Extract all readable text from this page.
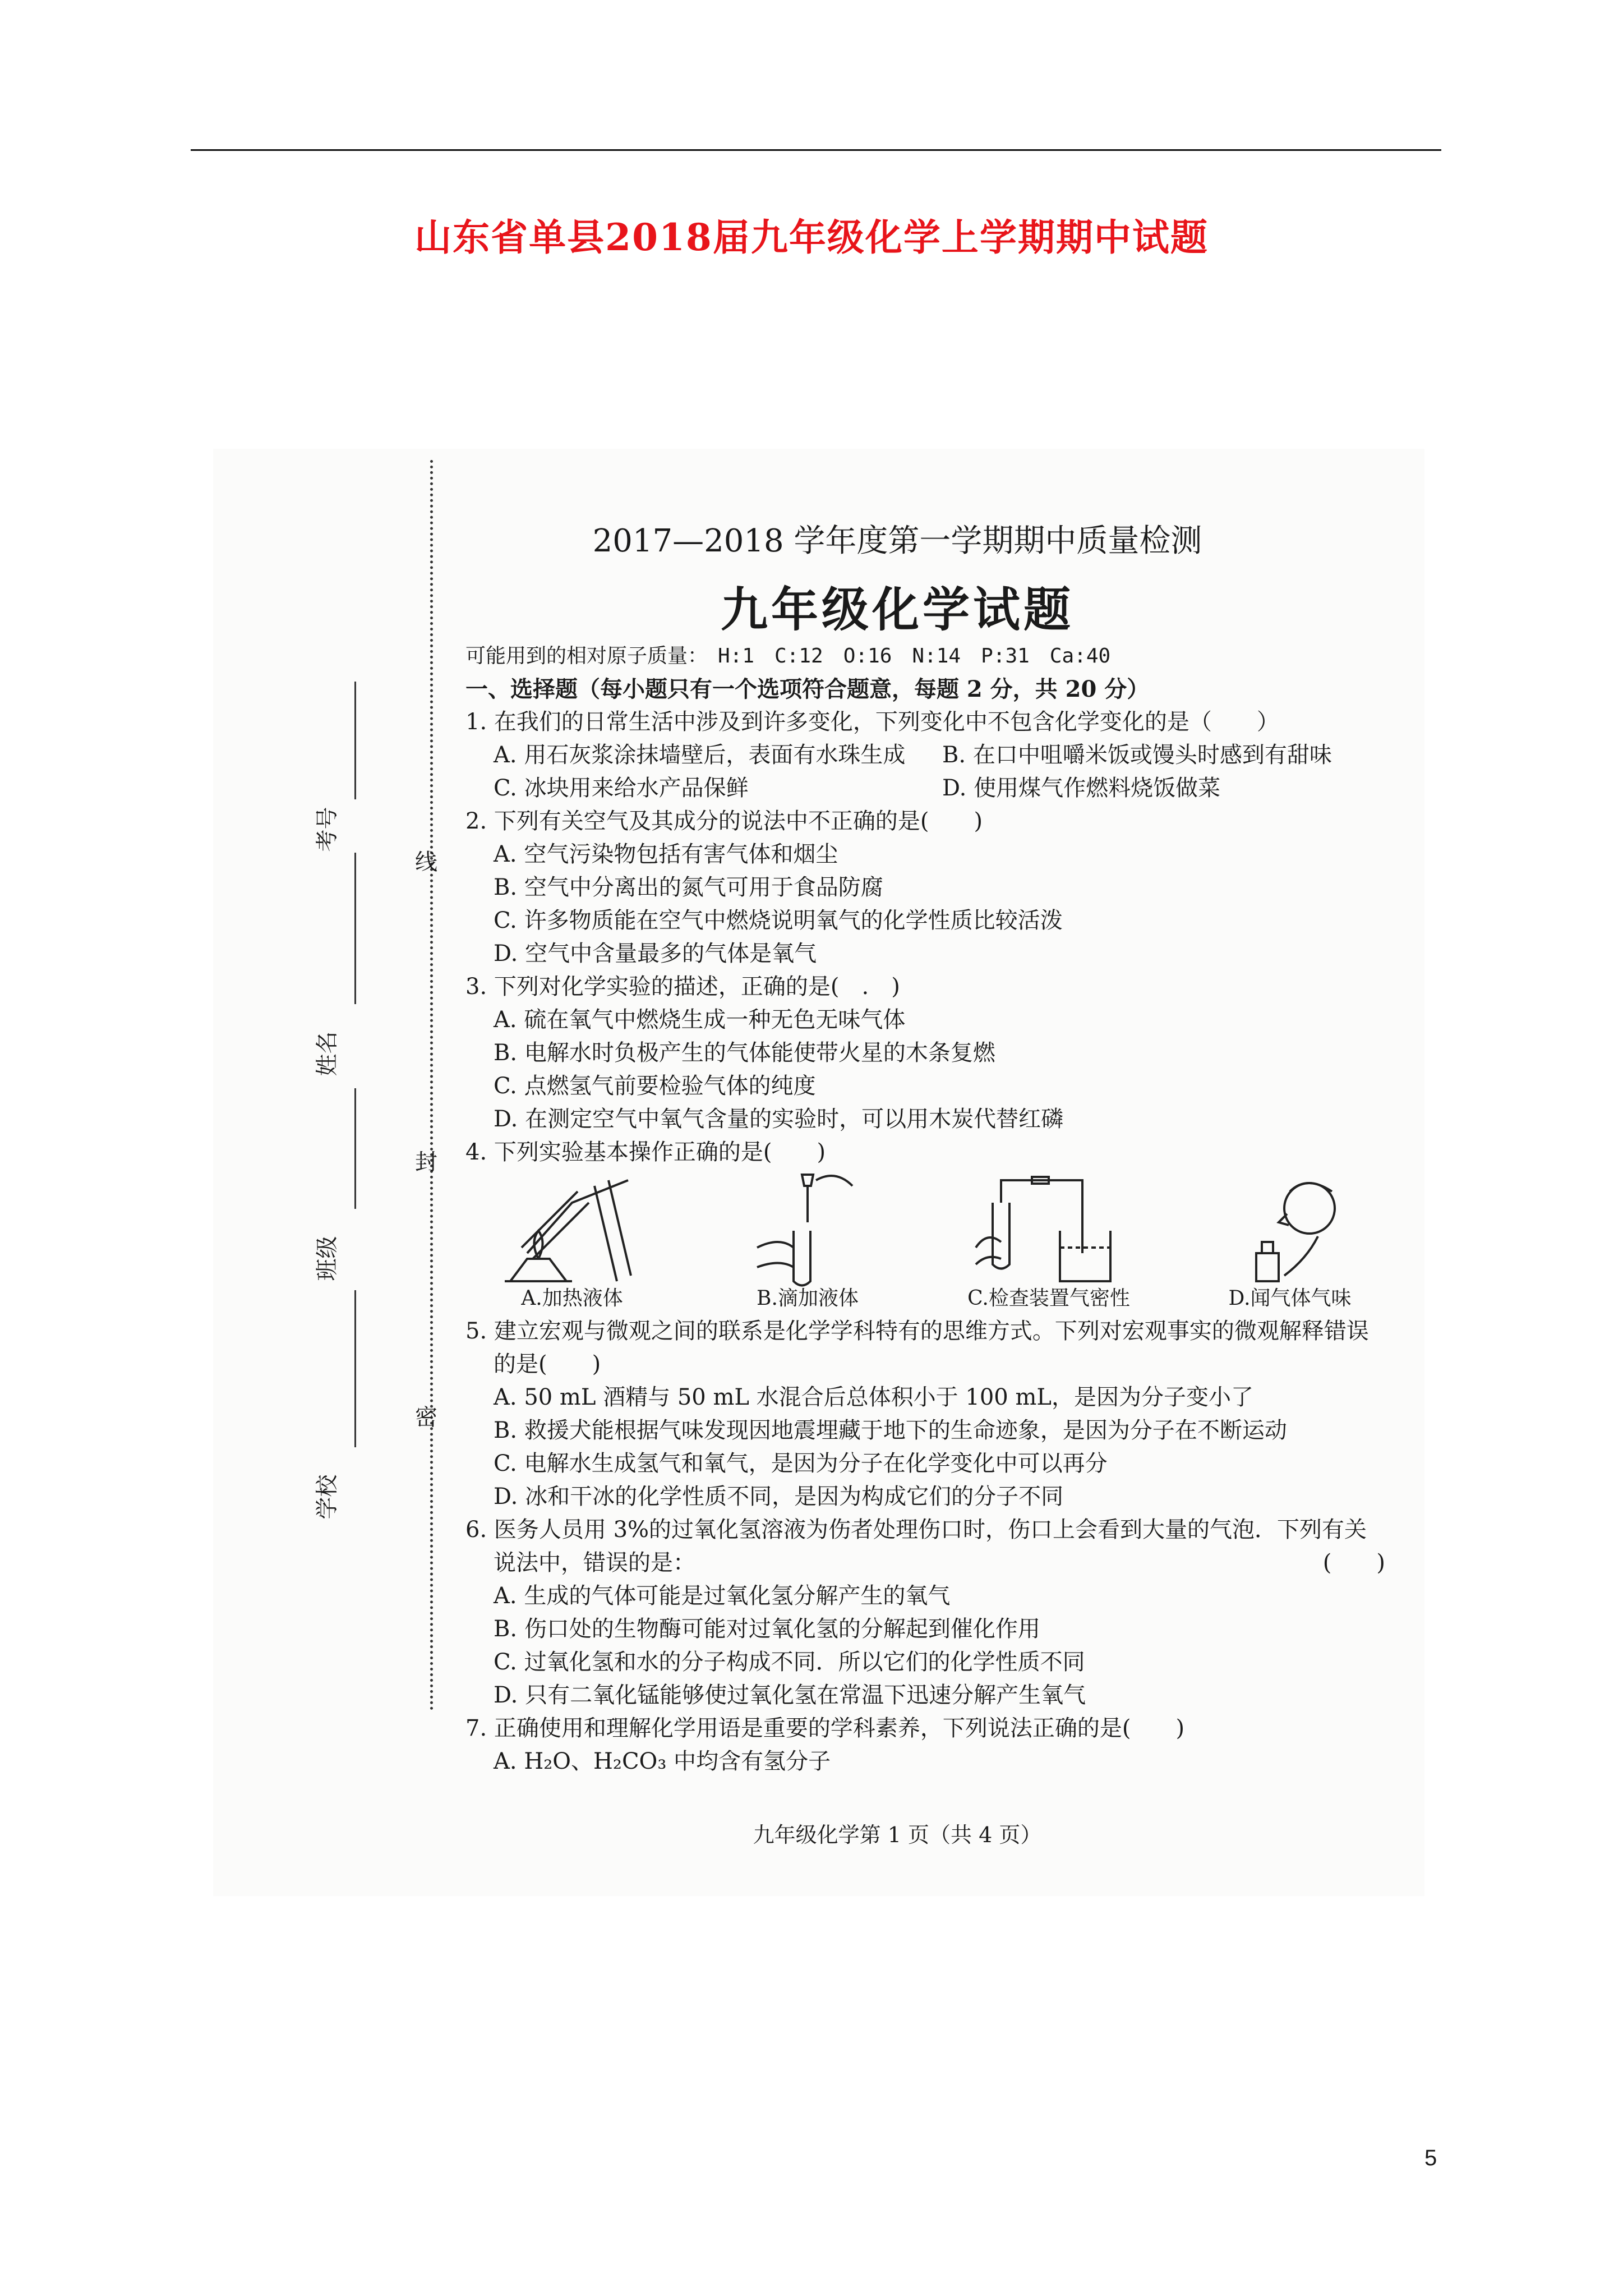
山东省单县2018届九年级化学上学期期中试题
线
封
密
考号
姓名
班级
学校
2017—2018 学年度第一学期期中质量检测
九年级化学试题
可能用到的相对原子质量：　H:1　C:12　O:16　N:14　P:31　Ca:40
一、选择题（每小题只有一个选项符合题意，每题 2 分，共 20 分）
1. 在我们的日常生活中涉及到许多变化，下列变化中不包含化学变化的是（　　）
A. 用石灰浆涂抹墙壁后，表面有水珠生成	B. 在口中咀嚼米饭或馒头时感到有甜味
C. 冰块用来给水产品保鲜	D. 使用煤气作燃料烧饭做菜
2. 下列有关空气及其成分的说法中不正确的是(　　)
A. 空气污染物包括有害气体和烟尘
B. 空气中分离出的氮气可用于食品防腐
C. 许多物质能在空气中燃烧说明氧气的化学性质比较活泼
D. 空气中含量最多的气体是氧气
3. 下列对化学实验的描述，正确的是(　.　)
A. 硫在氧气中燃烧生成一种无色无味气体
B. 电解水时负极产生的气体能使带火星的木条复燃
C. 点燃氢气前要检验气体的纯度
D. 在测定空气中氧气含量的实验时，可以用木炭代替红磷
4. 下列实验基本操作正确的是(　　)
A.加热液体	B.滴加液体	C.检查装置气密性	D.闻气体气味
5. 建立宏观与微观之间的联系是化学学科特有的思维方式。下列对宏观事实的微观解释错误
的是(　　)
A. 50 mL 酒精与 50 mL 水混合后总体积小于 100 mL，是因为分子变小了
B. 救援犬能根据气味发现因地震埋藏于地下的生命迹象，是因为分子在不断运动
C. 电解水生成氢气和氧气，是因为分子在化学变化中可以再分
D. 冰和干冰的化学性质不同，是因为构成它们的分子不同
6. 医务人员用 3%的过氧化氢溶液为伤者处理伤口时，伤口上会看到大量的气泡．下列有关
说法中，错误的是：	(　　)
A. 生成的气体可能是过氧化氢分解产生的氧气
B. 伤口处的生物酶可能对过氧化氢的分解起到催化作用
C. 过氧化氢和水的分子构成不同．所以它们的化学性质不同
D. 只有二氧化锰能够使过氧化氢在常温下迅速分解产生氧气
7. 正确使用和理解化学用语是重要的学科素养，下列说法正确的是(　　)
A. H₂O、H₂CO₃ 中均含有氢分子
九年级化学第 1 页（共 4 页）
5
